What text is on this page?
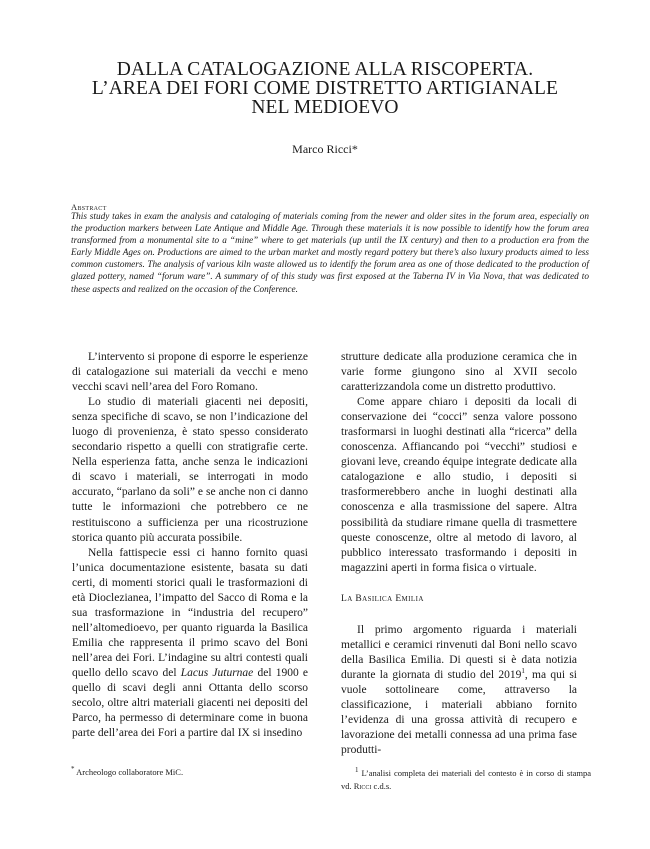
DALLA CATALOGAZIONE ALLA RISCOPERTA.
L’AREA DEI FORI COME DISTRETTO ARTIGIANALE
NEL MEDIOEVO
Marco Ricci*
Abstract
This study takes in exam the analysis and cataloging of materials coming from the newer and older sites in the forum area, especially on the production markers between Late Antique and Middle Age. Through these materials it is now possible to identify how the forum area transformed from a monumental site to a “mine” where to get materials (up until the IX century) and then to a production era from the Early Middle Ages on. Productions are aimed to the urban market and mostly regard pottery but there’s also luxury products aimed to less common customers. The analysis of various kiln waste allowed us to identify the forum area as one of those dedicated to the production of glazed pottery, named “forum ware”. A summary of of this study was first exposed at the Taberna IV in Via Nova, that was dedicated to these aspects and realized on the occasion of the Conference.

L’intervento si propone di esporre le esperienze di catalogazione sui materiali da vecchi e meno vecchi scavi nell’area del Foro Romano.

Lo studio di materiali giacenti nei depositi, senza specifiche di scavo, se non l’indicazione del luogo di provenienza, è stato spesso considerato secondario rispetto a quelli con stratigrafie certe. Nella esperienza fatta, anche senza le indicazioni di scavo i materiali, se interrogati in modo accurato, “parlano da soli” e se anche non ci danno tutte le informazioni che potrebbero ce ne restituiscono a sufficienza per una ricostruzione storica quanto più accurata possibile.

Nella fattispecie essi ci hanno fornito quasi l’unica documentazione esistente, basata su dati certi, di momenti storici quali le trasformazioni di età Dioclezianea, l’impatto del Sacco di Roma e la sua trasformazione in “industria del recupero” nell’altomedioevo, per quanto riguarda la Basilica Emilia che rappresenta il primo scavo del Boni nell’area dei Fori. L’indagine su altri contesti quali quello dello scavo del Lacus Juturnae del 1900 e quello di scavi degli anni Ottanta dello scorso secolo, oltre altri materiali giacenti nei depositi del Parco, ha permesso di determinare come in buona parte dell’area dei Fori a partire dal IX si insedino

strutture dedicate alla produzione ceramica che in varie forme giungono sino al XVII secolo caratterizzandola come un distretto produttivo.

Come appare chiaro i depositi da locali di conservazione dei “cocci” senza valore possono trasformarsi in luoghi destinati alla “ricerca” della conoscenza. Affiancando poi “vecchi” studiosi e giovani leve, creando équipe integrate dedicate alla catalogazione e allo studio, i depositi si trasformerebbero anche in luoghi destinati alla conoscenza e alla trasmissione del sapere. Altra possibilità da studiare rimane quella di trasmettere queste conoscenze, oltre al metodo di lavoro, al pubblico interessato trasformando i depositi in magazzini aperti in forma fisica o virtuale.

La Basilica Emilia

Il primo argomento riguarda i materiali metallici e ceramici rinvenuti dal Boni nello scavo della Basilica Emilia. Di questi si è data notizia durante la giornata di studio del 2019$^1$, ma qui si vuole sottolineare come, attraverso la classificazione, i materiali abbiano fornito l’evidenza di una grossa attività di recupero e lavorazione dei metalli connessa ad una prima fase produtti-

* Archeologo collaboratore MiC.	$^1$ L’analisi completa dei materiali del contesto è in corso di stampa vd. Ricci c.d.s.
